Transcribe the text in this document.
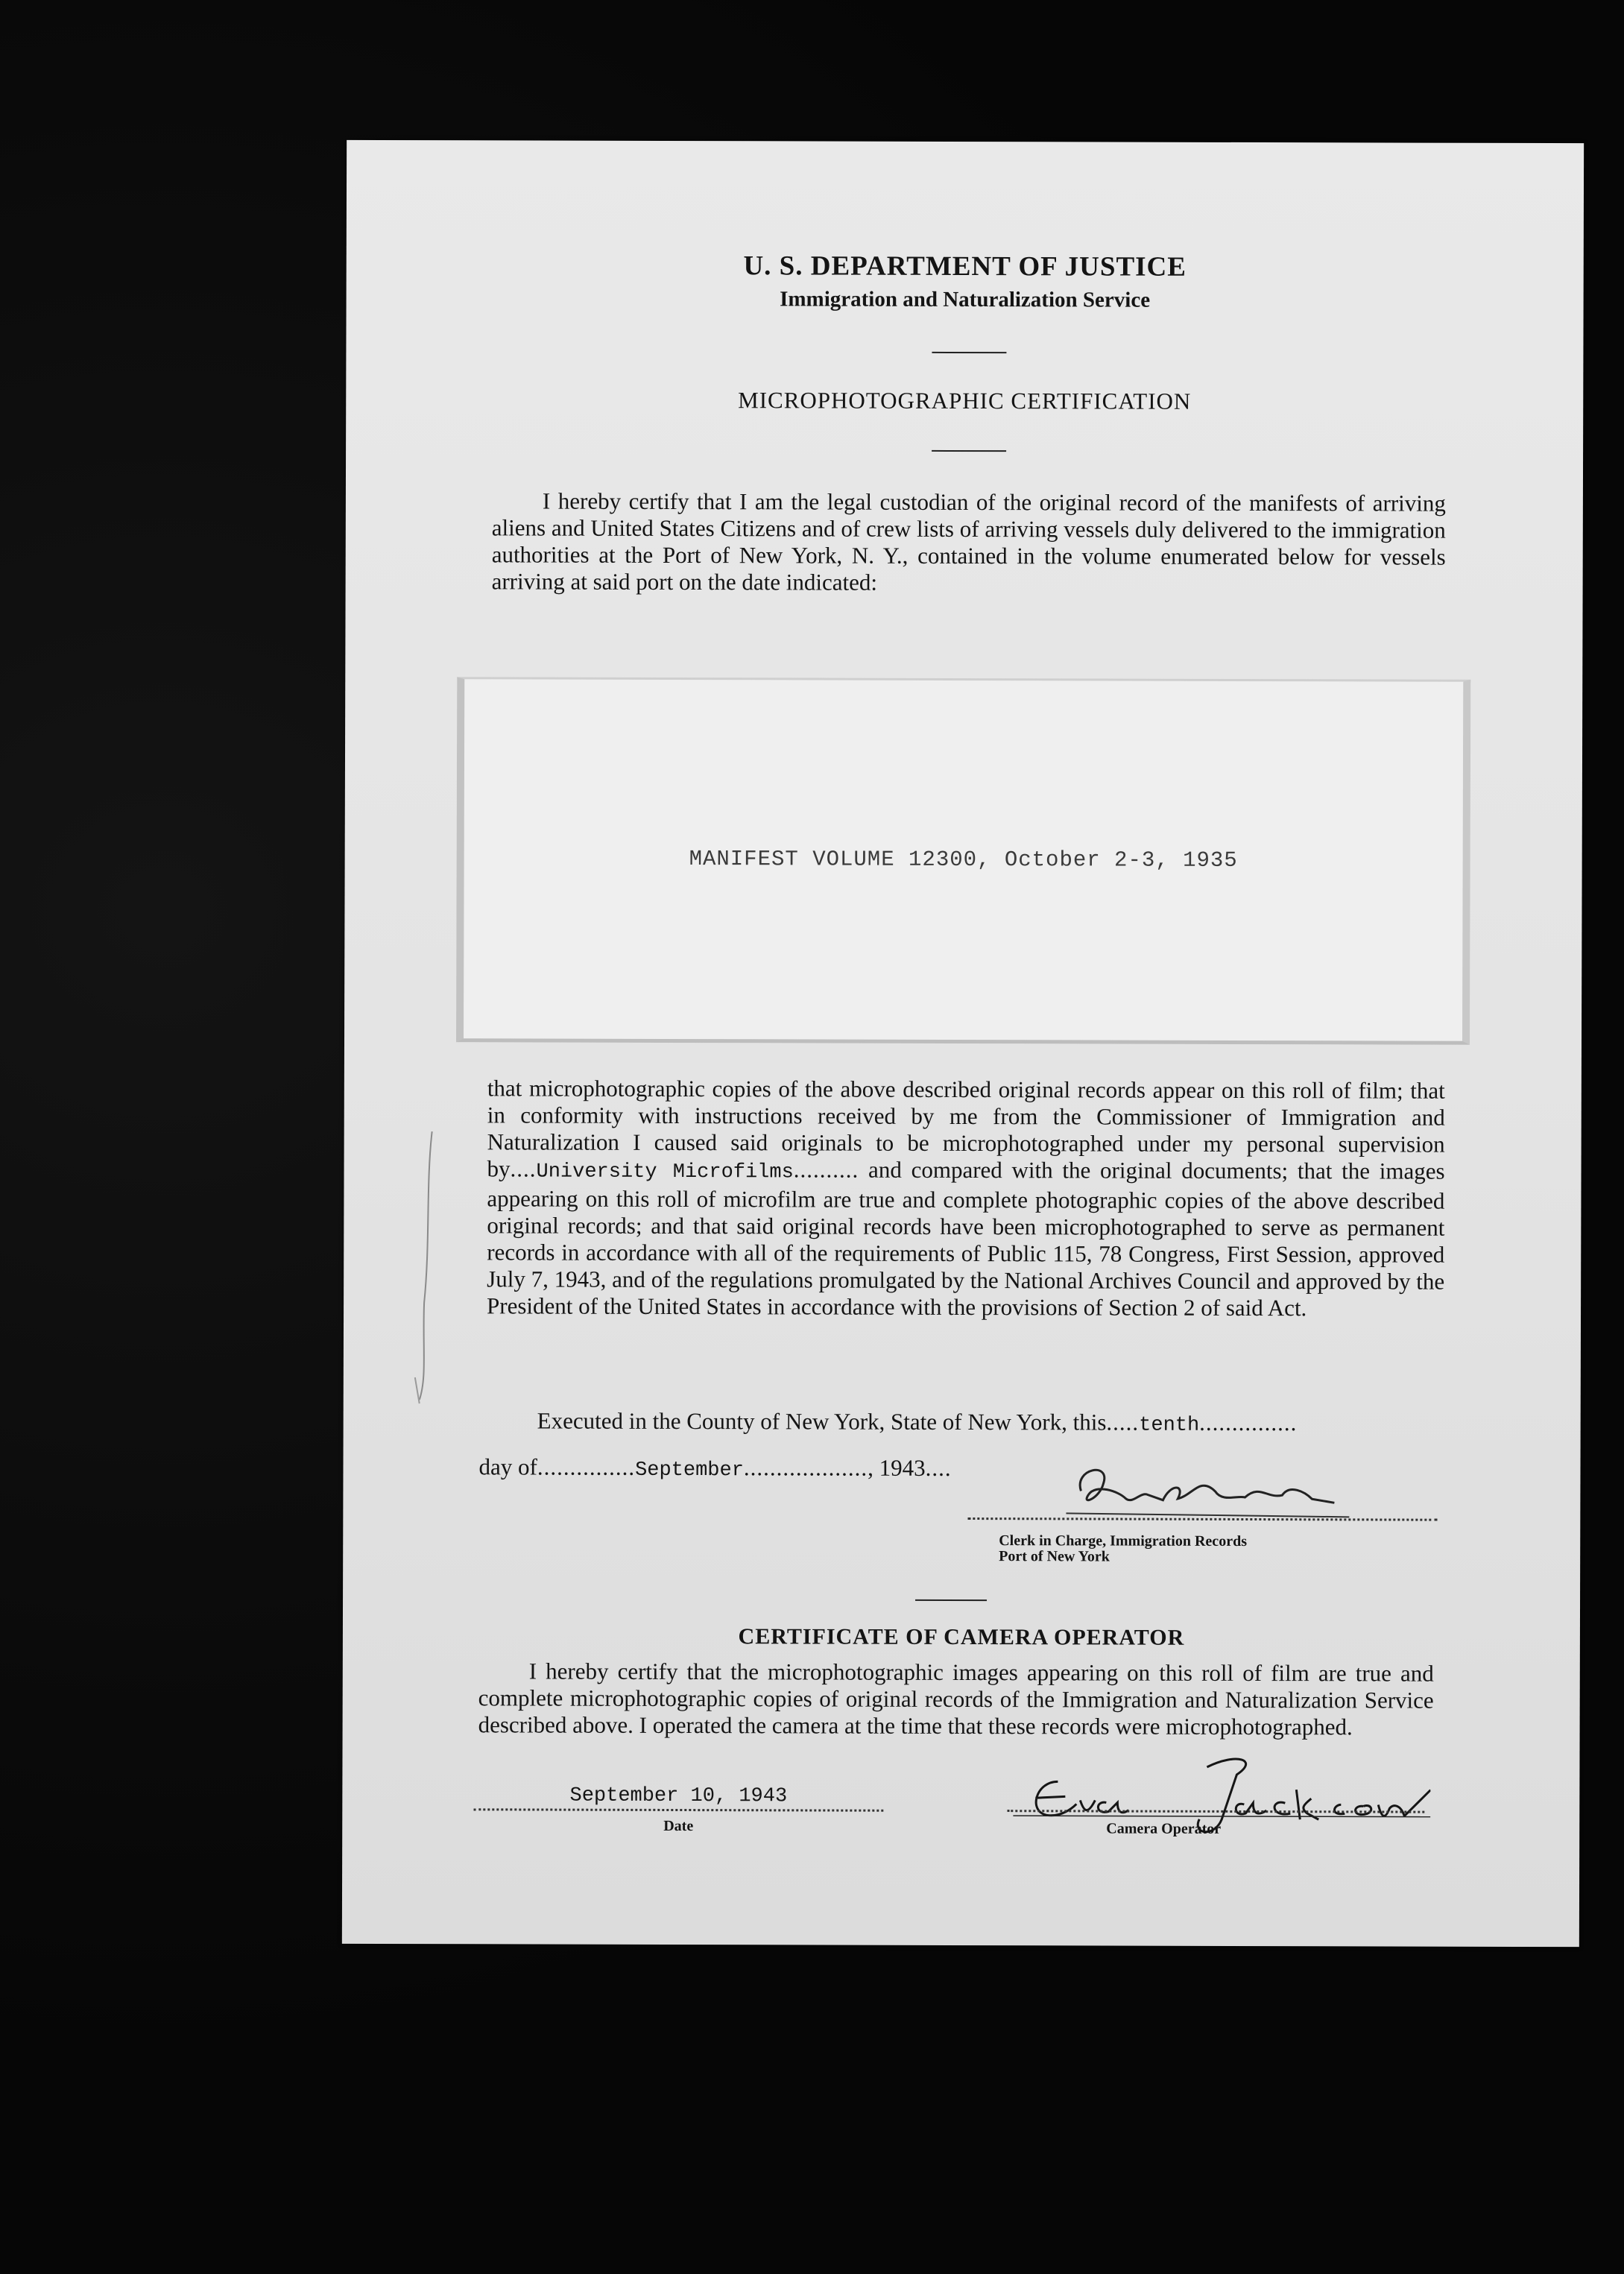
U. S. DEPARTMENT OF JUSTICE
Immigration and Naturalization Service
MICROPHOTOGRAPHIC CERTIFICATION
I hereby certify that I am the legal custodian of the original record of the manifests of arriving aliens and United States Citizens and of crew lists of arriving vessels duly delivered to the immigration authorities at the Port of New York, N. Y., contained in the volume enumerated below for vessels arriving at said port on the date indicated:
MANIFEST VOLUME 12300, October 2-3, 1935
that microphotographic copies of the above described original records appear on this roll of film; that in conformity with instructions received by me from the Commissioner of Immigration and Naturalization I caused said originals to be microphotographed under my personal supervision by....University Microfilms.......... and compared with the original documents; that the images appearing on this roll of microfilm are true and complete photographic copies of the above described original records; and that said original records have been microphotographed to serve as permanent records in accordance with all of the requirements of Public 115, 78 Congress, First Session, approved July 7, 1943, and of the regulations promulgated by the National Archives Council and approved by the President of the United States in accordance with the provisions of Section 2 of said Act.
Executed in the County of New York, State of New York, this.....tenth...............
day of...............September..................., 1943....
Clerk in Charge, Immigration Records
Port of New York
CERTIFICATE OF CAMERA OPERATOR
I hereby certify that the microphotographic images appearing on this roll of film are true and complete microphotographic copies of original records of the Immigration and Naturalization Service described above. I operated the camera at the time that these records were microphotographed.
September 10, 1943
Date	Camera Operator
